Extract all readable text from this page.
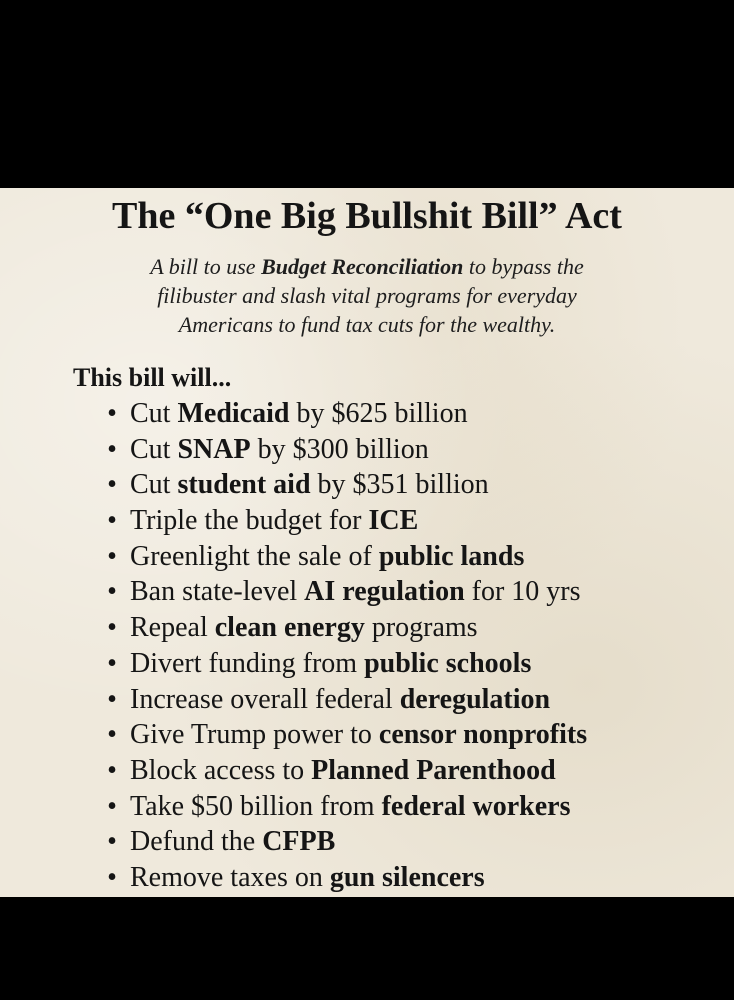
The “One Big Bullshit Bill” Act

A bill to use Budget Reconciliation to bypass the
filibuster and slash vital programs for everyday
Americans to fund tax cuts for the wealthy.

This bill will...

• Cut Medicaid by $625 billion
• Cut SNAP by $300 billion
• Cut student aid by $351 billion
• Triple the budget for ICE
• Greenlight the sale of public lands
• Ban state-level AI regulation for 10 yrs
• Repeal clean energy programs
• Divert funding from public schools
• Increase overall federal deregulation
• Give Trump power to censor nonprofits
• Block access to Planned Parenthood
• Take $50 billion from federal workers
• Defund the CFPB
• Remove taxes on gun silencers
